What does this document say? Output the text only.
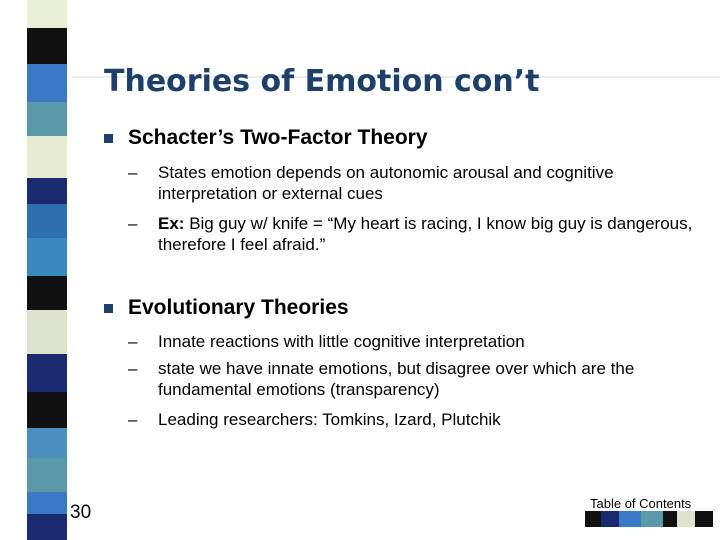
Theories of Emotion con’t
Schacter’s Two-Factor Theory
– States emotion depends on autonomic arousal and cognitive interpretation or external cues
– Ex: Big guy w/ knife = “My heart is racing, I know big guy is dangerous, therefore I feel afraid.”
Evolutionary Theories
– Innate reactions with little cognitive interpretation
– state we have innate emotions, but disagree over which are the fundamental emotions (transparency)
– Leading researchers: Tomkins, Izard, Plutchik
30	Table of Contents
